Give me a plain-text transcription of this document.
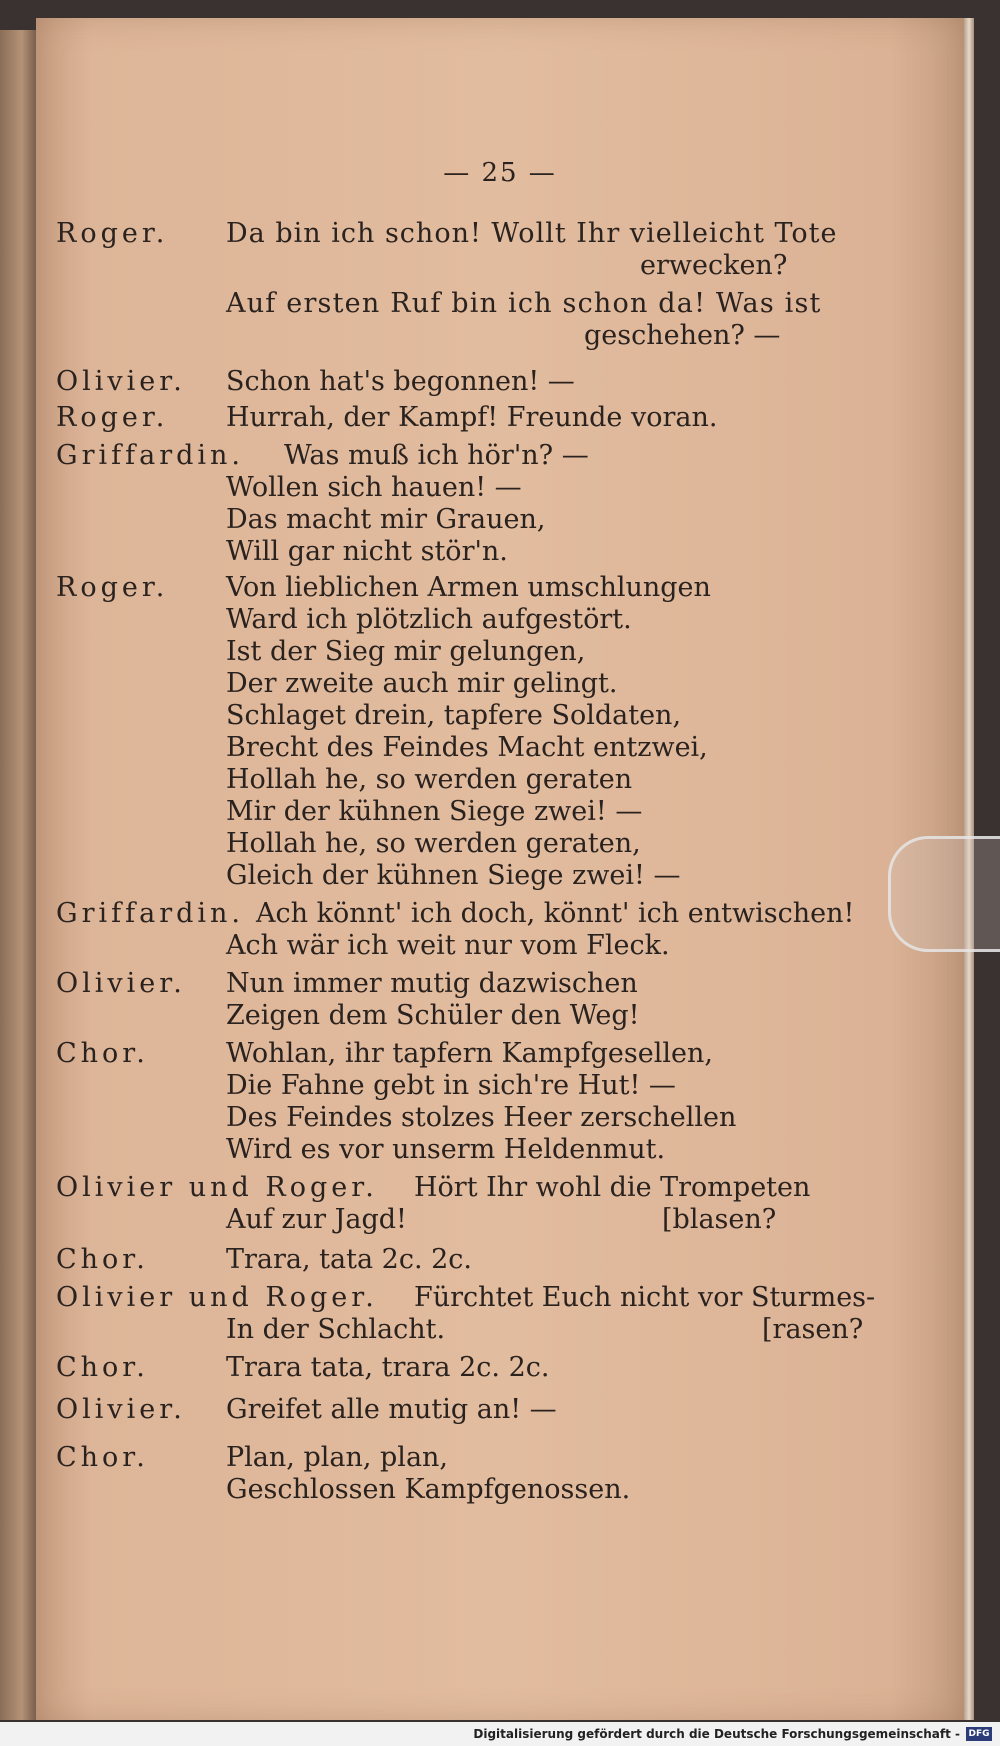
— 25 —
Roger. Da bin ich schon! Wollt Ihr vielleicht Tote
erwecken?
Auf ersten Ruf bin ich schon da! Was ist
geschehen? —
Olivier. Schon hat's begonnen! —
Roger. Hurrah, der Kampf! Freunde voran.
Griffardin. Was muß ich hör'n? —
Wollen sich hauen! —
Das macht mir Grauen,
Will gar nicht stör'n.
Roger. Von lieblichen Armen umschlungen
Ward ich plötzlich aufgestört.
Ist der Sieg mir gelungen,
Der zweite auch mir gelingt.
Schlaget drein, tapfere Soldaten,
Brecht des Feindes Macht entzwei,
Hollah he, so werden geraten
Mir der kühnen Siege zwei! —
Hollah he, so werden geraten,
Gleich der kühnen Siege zwei! —
Griffardin. Ach könnt' ich doch, könnt' ich entwischen!
Ach wär ich weit nur vom Fleck.
Olivier. Nun immer mutig dazwischen
Zeigen dem Schüler den Weg!
Chor.	Wohlan, ihr tapfern Kampfgesellen,
Die Fahne gebt in sich're Hut! —
Des Feindes stolzes Heer zerschellen
Wird es vor unserm Heldenmut.
Olivier und Roger. Hört Ihr wohl die Trompeten
Auf zur Jagd!	[blasen?
Chor.	Trara, tata 2c. 2c.
Olivier und Roger. Fürchtet Euch nicht vor Sturmes-
In der Schlacht.	[rasen?
Chor.	Trara tata, trara 2c. 2c.
Olivier. Greifet alle mutig an! —
Chor.	Plan, plan, plan,
Geschlossen Kampfgenossen.
Digitalisierung gefördert durch die Deutsche Forschungsgemeinschaft - DFG
